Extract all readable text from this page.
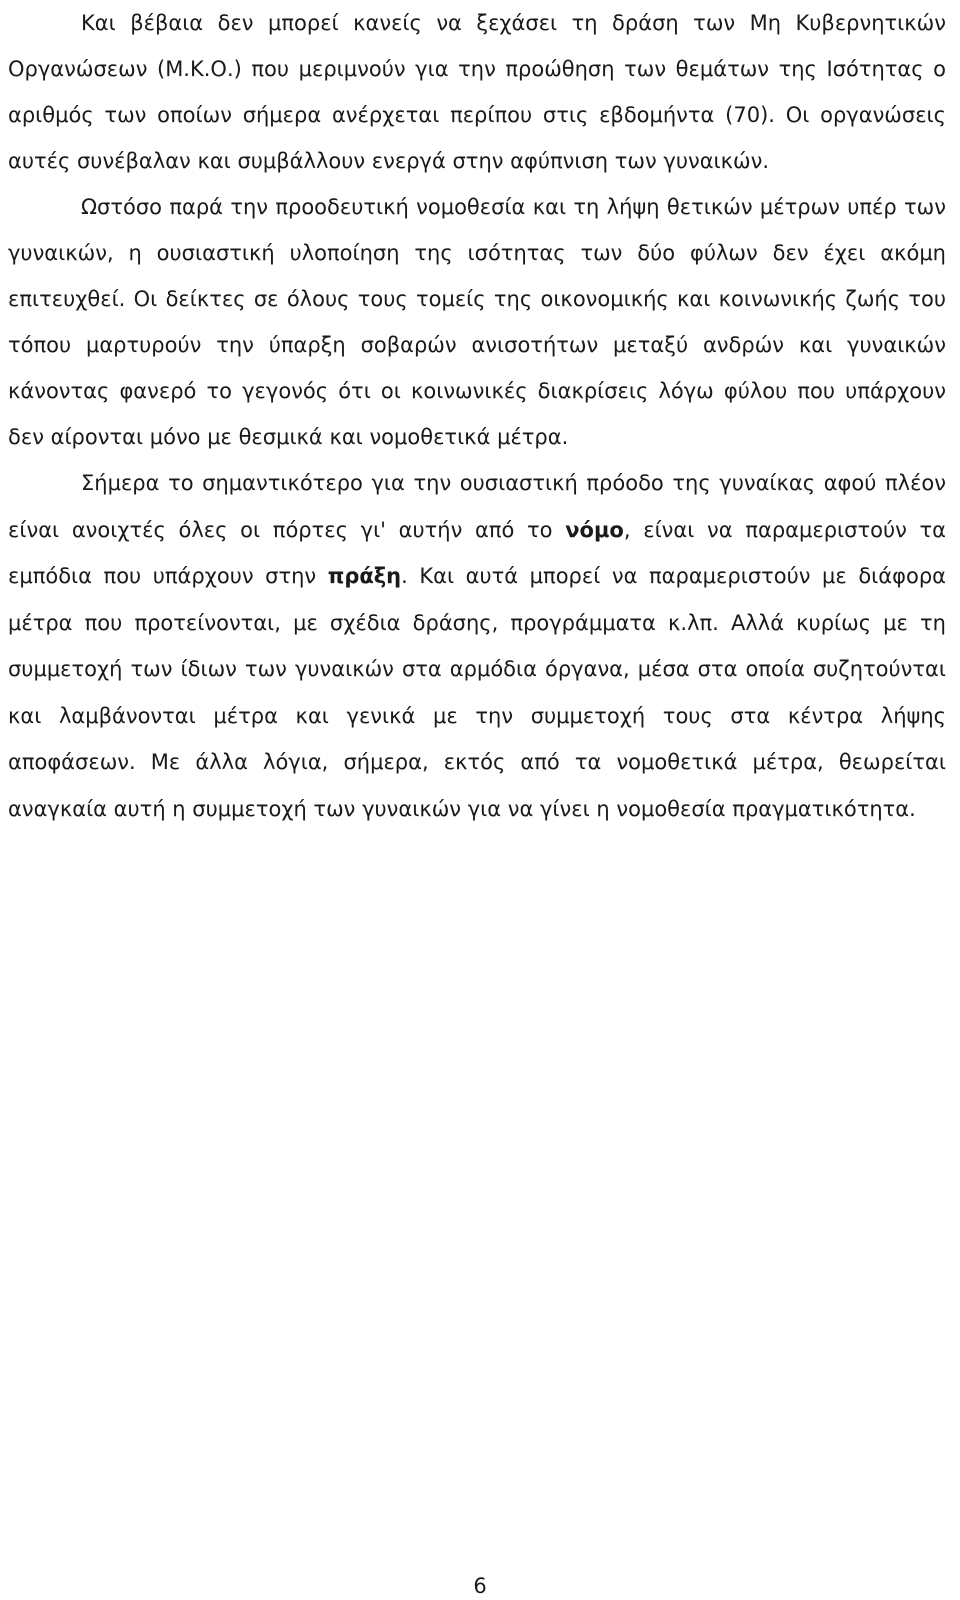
Και βέβαια δεν μπορεί κανείς να ξεχάσει τη δράση των Μη Κυβερνητικών Οργανώσεων (Μ.Κ.Ο.) που μεριμνούν για την προώθηση των θεμάτων της Ισότητας ο αριθμός των οποίων σήμερα ανέρχεται περίπου στις εβδομήντα (70). Οι οργανώσεις αυτές συνέβαλαν και συμβάλλουν ενεργά στην αφύπνιση των γυναικών.

Ωστόσο παρά την προοδευτική νομοθεσία και τη λήψη θετικών μέτρων υπέρ των γυναικών, η ουσιαστική υλοποίηση της ισότητας των δύο φύλων δεν έχει ακόμη επιτευχθεί. Οι δείκτες σε όλους τους τομείς της οικονομικής και κοινωνικής ζωής του τόπου μαρτυρούν την ύπαρξη σοβαρών ανισοτήτων μεταξύ ανδρών και γυναικών κάνοντας φανερό το γεγονός ότι οι κοινωνικές διακρίσεις λόγω φύλου που υπάρχουν δεν αίρονται μόνο με θεσμικά και νομοθετικά μέτρα.

Σήμερα το σημαντικότερο για την ουσιαστική πρόοδο της γυναίκας αφού πλέον είναι ανοιχτές όλες οι πόρτες γι' αυτήν από το νόμο, είναι να παραμεριστούν τα εμπόδια που υπάρχουν στην πράξη. Και αυτά μπορεί να παραμεριστούν με διάφορα μέτρα που προτείνονται, με σχέδια δράσης, προγράμματα κ.λπ. Αλλά κυρίως με τη συμμετοχή των ίδιων των γυναικών στα αρμόδια όργανα, μέσα στα οποία συζητούνται και λαμβάνονται μέτρα και γενικά με την συμμετοχή τους στα κέντρα λήψης αποφάσεων. Με άλλα λόγια, σήμερα, εκτός από τα νομοθετικά μέτρα, θεωρείται αναγκαία αυτή η συμμετοχή των γυναικών για να γίνει η νομοθεσία πραγματικότητα.

6
